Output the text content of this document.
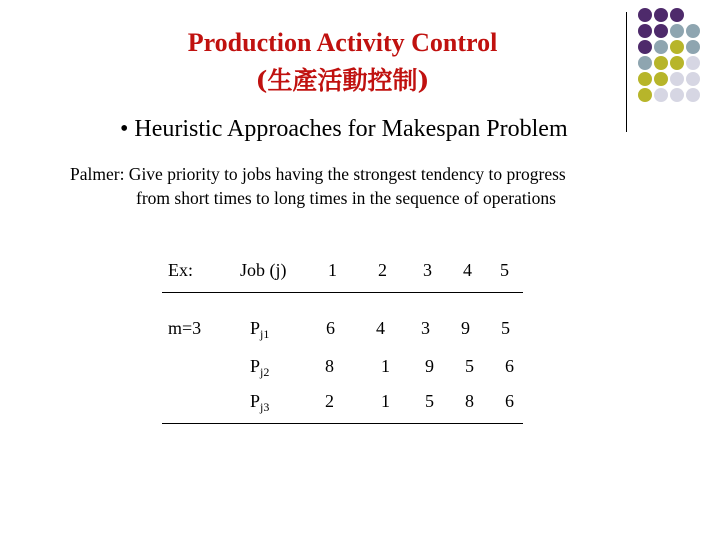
Production Activity Control
(生產活動控制)
• Heuristic Approaches for Makespan Problem
Palmer: Give priority to jobs having the strongest tendency to progress
from short times to long times in the sequence of operations
Ex:	Job (j) 1 2 3 4 5
m=3	$P_{j1}$	6 4 3 9 5
$P_{j2}$	8	1 9 5 6
$P_{j3}$	2	1 5 8 6
